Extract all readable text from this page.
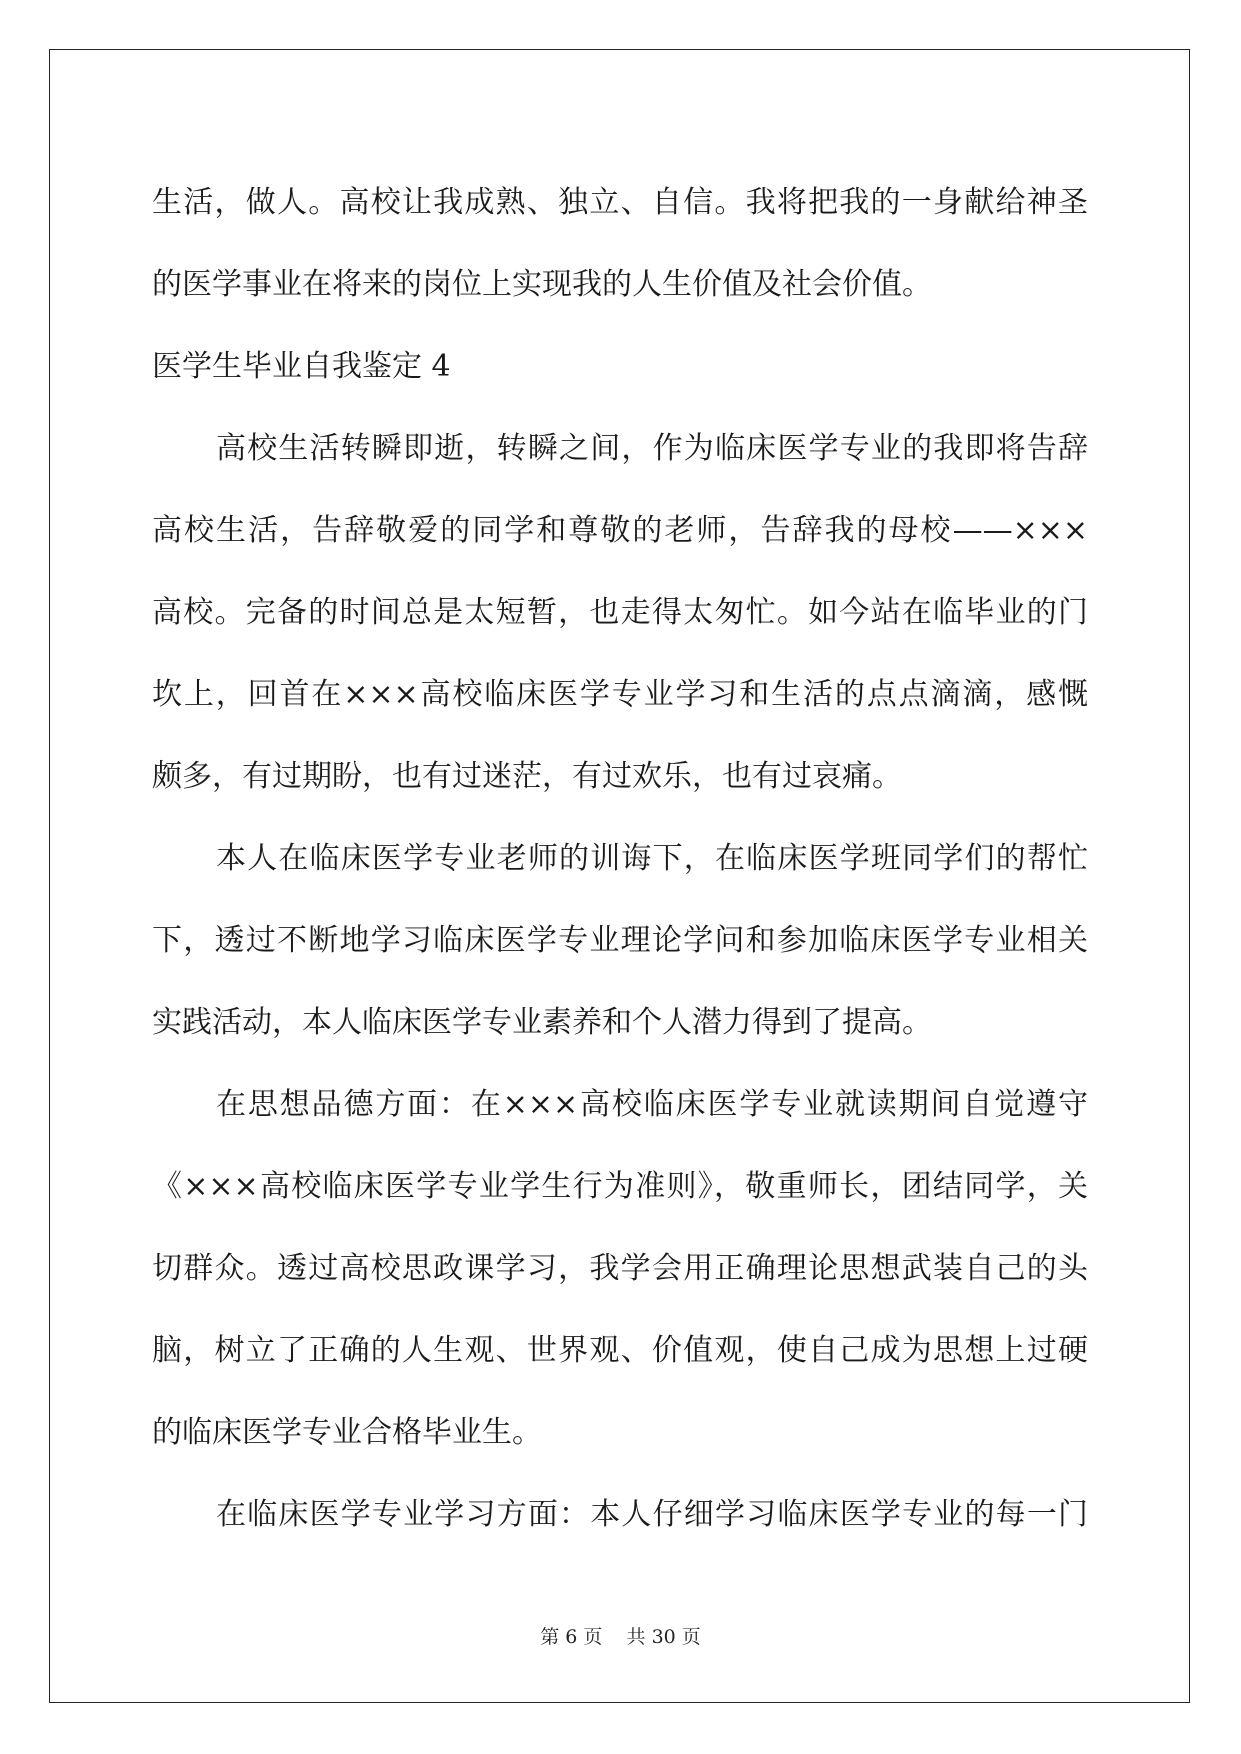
生活，做人。高校让我成熟、独立、自信。我将把我的一身献给神圣
的医学事业在将来的岗位上实现我的人生价值及社会价值。
医学生毕业自我鉴定 4
高校生活转瞬即逝，转瞬之间，作为临床医学专业的我即将告辞
高校生活，告辞敬爱的同学和尊敬的老师，告辞我的母校——×××
高校。完备的时间总是太短暂，也走得太匆忙。如今站在临毕业的门
坎上，回首在×××高校临床医学专业学习和生活的点点滴滴，感慨
颇多，有过期盼，也有过迷茫，有过欢乐，也有过哀痛。
本人在临床医学专业老师的训诲下，在临床医学班同学们的帮忙
下，透过不断地学习临床医学专业理论学问和参加临床医学专业相关
实践活动，本人临床医学专业素养和个人潜力得到了提高。
在思想品德方面：在×××高校临床医学专业就读期间自觉遵守
《×××高校临床医学专业学生行为准则》，敬重师长，团结同学，关
切群众。透过高校思政课学习，我学会用正确理论思想武装自己的头
脑，树立了正确的人生观、世界观、价值观，使自己成为思想上过硬
的临床医学专业合格毕业生。
在临床医学专业学习方面：本人仔细学习临床医学专业的每一门
第 6 页    共 30 页
